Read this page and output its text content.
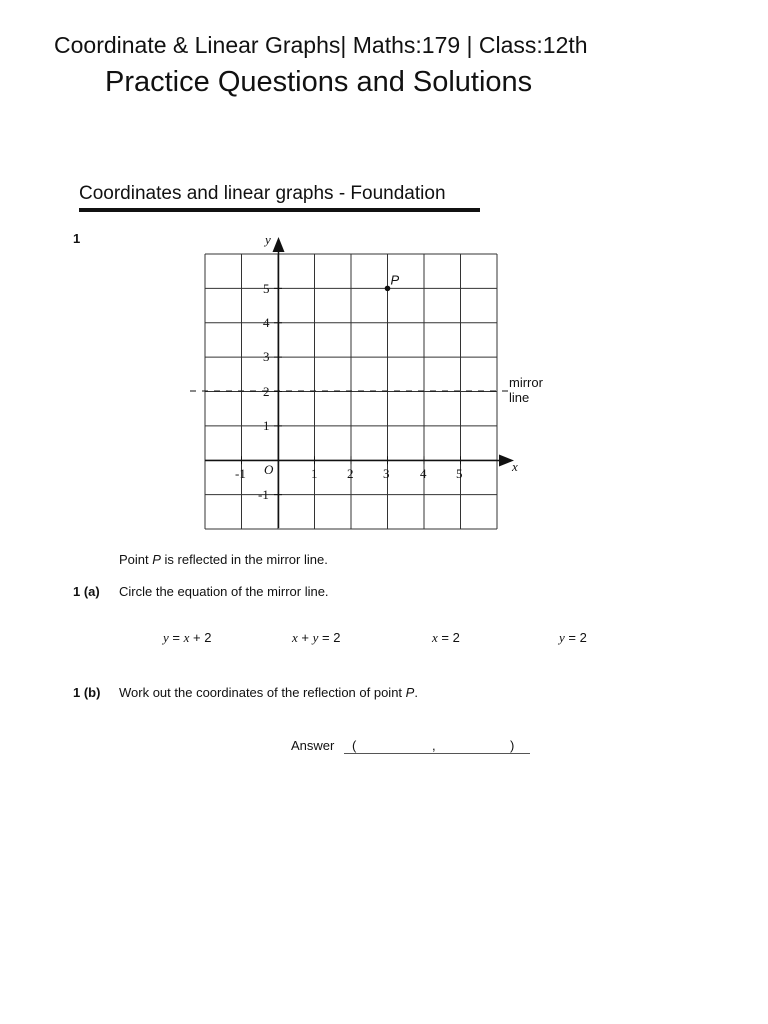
Coordinate & Linear Graphs| Maths:179 | Class:12th
Practice Questions and Solutions
Coordinates and linear graphs - Foundation
1
x
y
O
-1	1 2 3 4 5
5
4
3
2
1
-1
P
mirror
line
Point P is reflected in the mirror line.
1 (a) Circle the equation of the mirror line.
y = x + 2	x + y = 2	x = 2	y = 2
1 (b) Work out the coordinates of the reflection of point P.
Answer (	,	)
